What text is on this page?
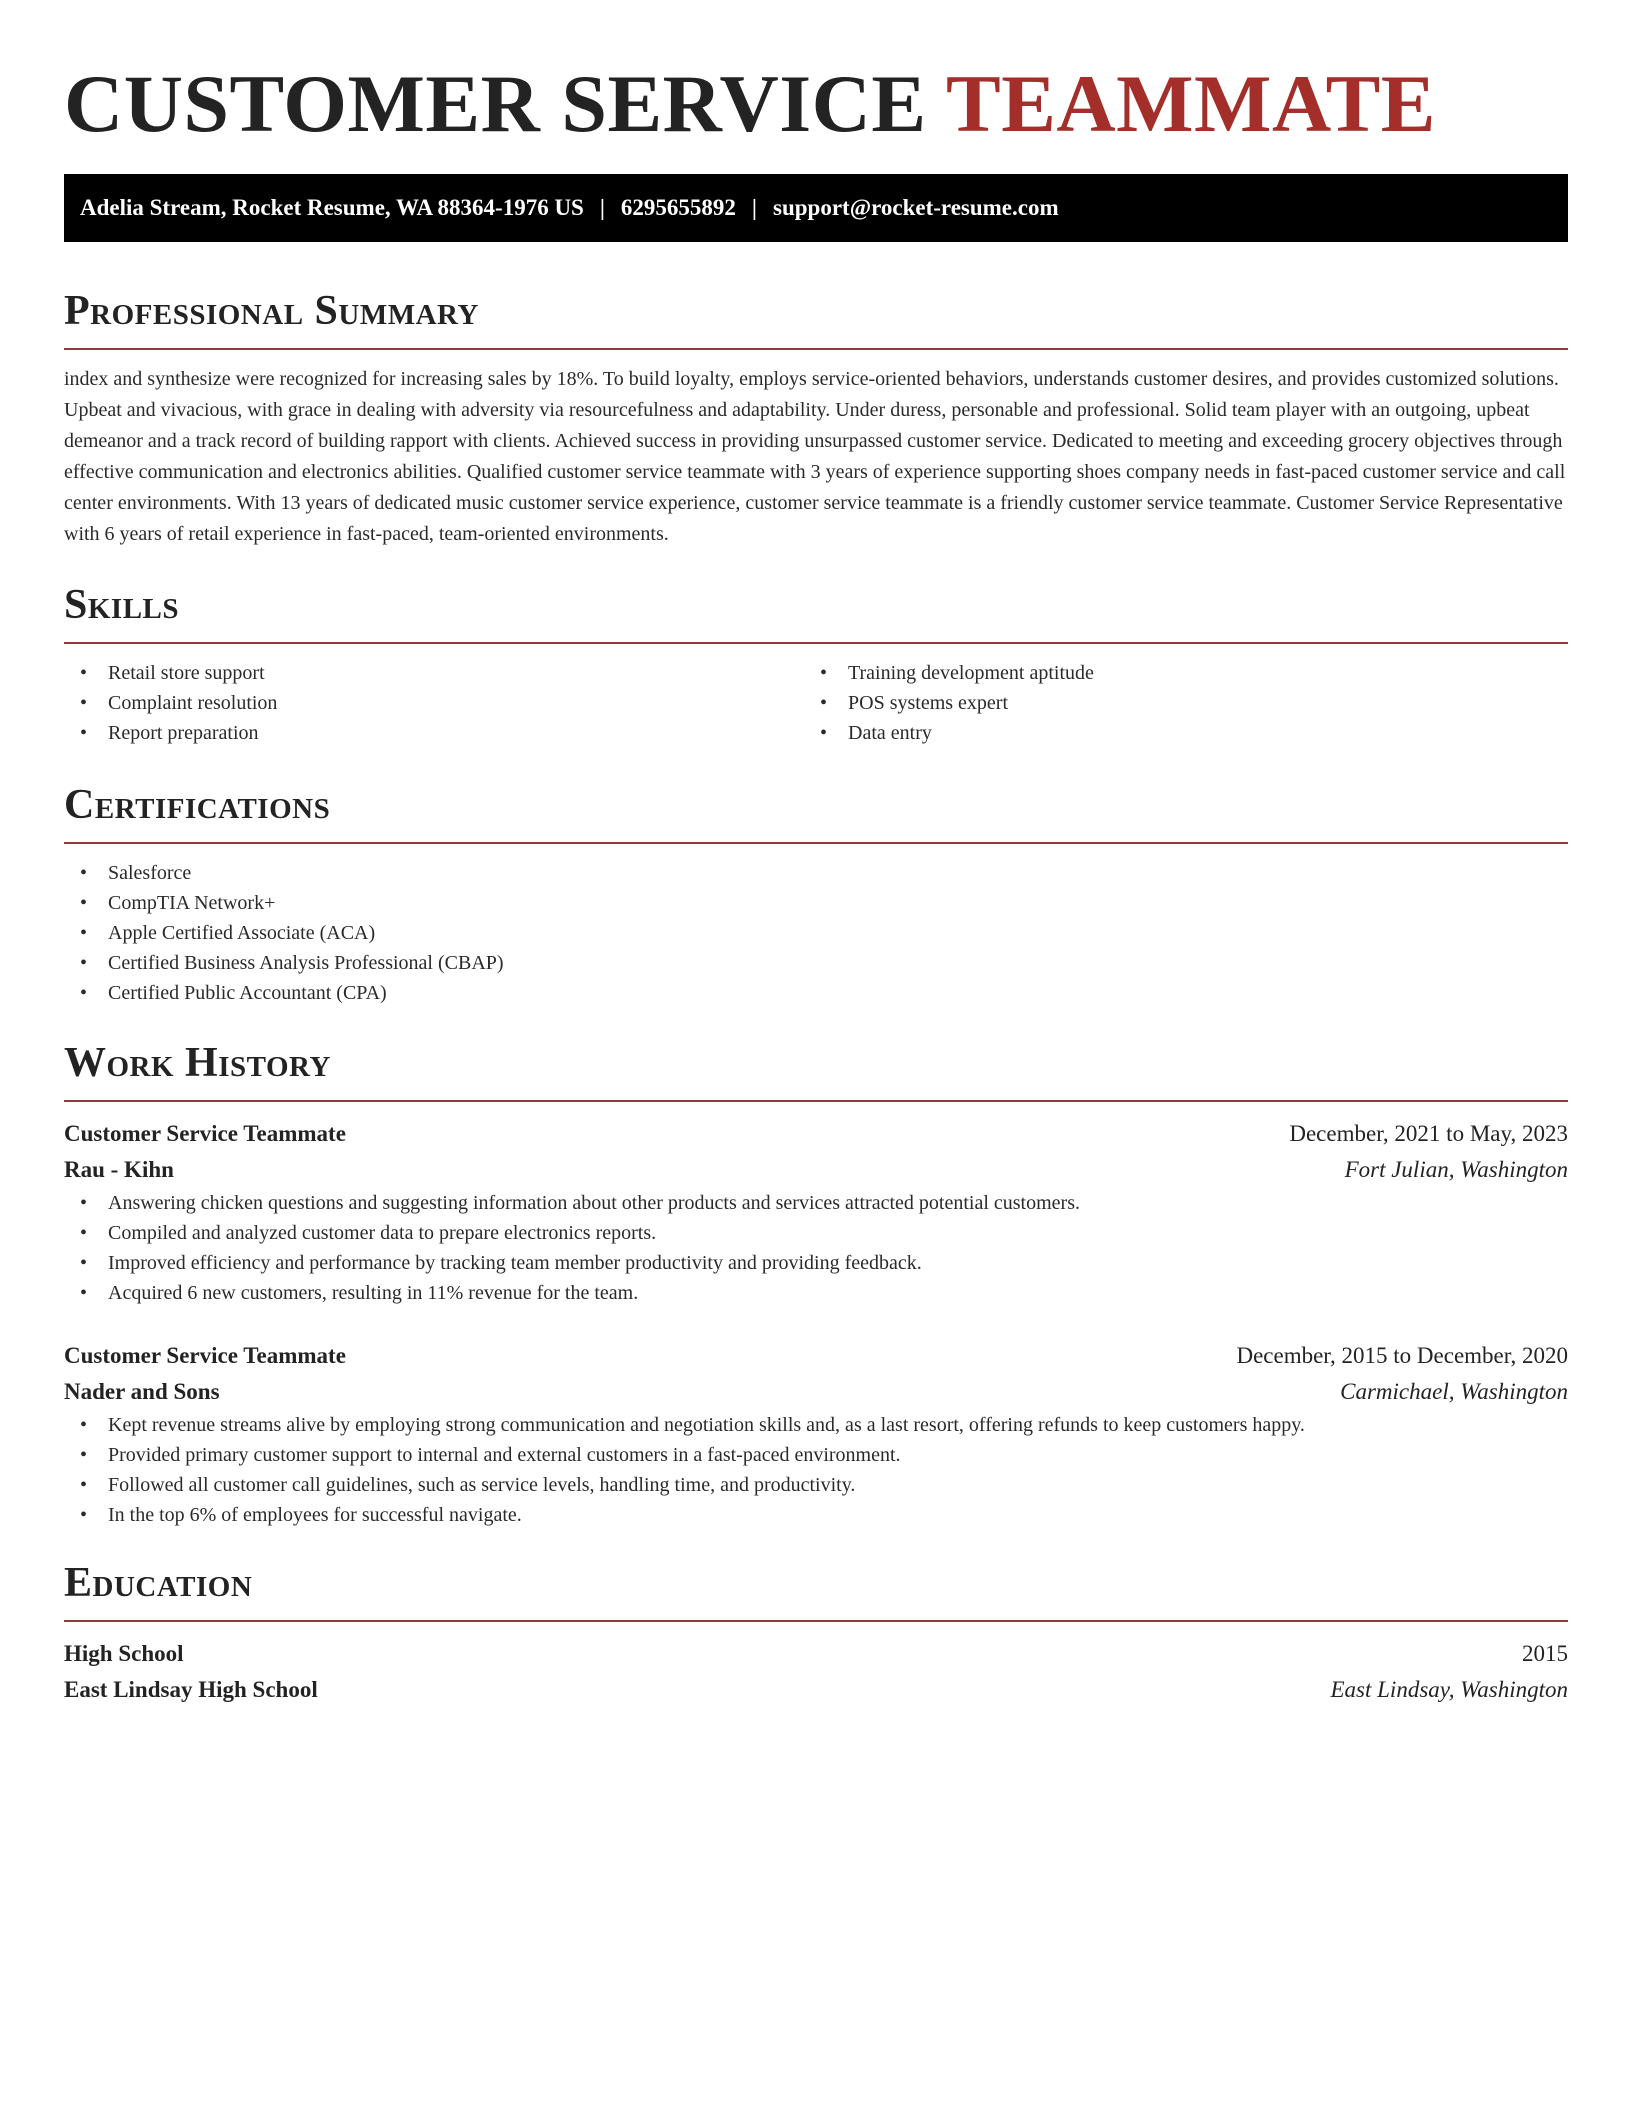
CUSTOMER SERVICE TEAMMATE
Adelia Stream, Rocket Resume, WA 88364-1976 US | 6295655892 | support@rocket-resume.com
Professional Summary

index and synthesize were recognized for increasing sales by 18%. To build loyalty, employs service-oriented behaviors, understands customer desires, and provides customized solutions. Upbeat and vivacious, with grace in dealing with adversity via resourcefulness and adaptability. Under duress, personable and professional. Solid team player with an outgoing, upbeat demeanor and a track record of building rapport with clients. Achieved success in providing unsurpassed customer service. Dedicated to meeting and exceeding grocery objectives through effective communication and electronics abilities. Qualified customer service teammate with 3 years of experience supporting shoes company needs in fast-paced customer service and call center environments. With 13 years of dedicated music customer service experience, customer service teammate is a friendly customer service teammate. Customer Service Representative with 6 years of retail experience in fast-paced, team-oriented environments.

Skills
• Retail store support
• Complaint resolution
• Report preparation
• Training development aptitude
• POS systems expert
• Data entry
Certifications
• Salesforce
• CompTIA Network+
• Apple Certified Associate (ACA)
• Certified Business Analysis Professional (CBAP)
• Certified Public Accountant (CPA)
Work History
Customer Service Teammate	December, 2021 to May, 2023
Rau - Kihn	Fort Julian, Washington
• Answering chicken questions and suggesting information about other products and services attracted potential customers.
• Compiled and analyzed customer data to prepare electronics reports.
• Improved efficiency and performance by tracking team member productivity and providing feedback.
• Acquired 6 new customers, resulting in 11% revenue for the team.
Customer Service Teammate	December, 2015 to December, 2020
Nader and Sons	Carmichael, Washington
• Kept revenue streams alive by employing strong communication and negotiation skills and, as a last resort, offering refunds to keep customers happy.
• Provided primary customer support to internal and external customers in a fast-paced environment.
• Followed all customer call guidelines, such as service levels, handling time, and productivity.
• In the top 6% of employees for successful navigate.
Education
High School	2015
East Lindsay High School	East Lindsay, Washington
